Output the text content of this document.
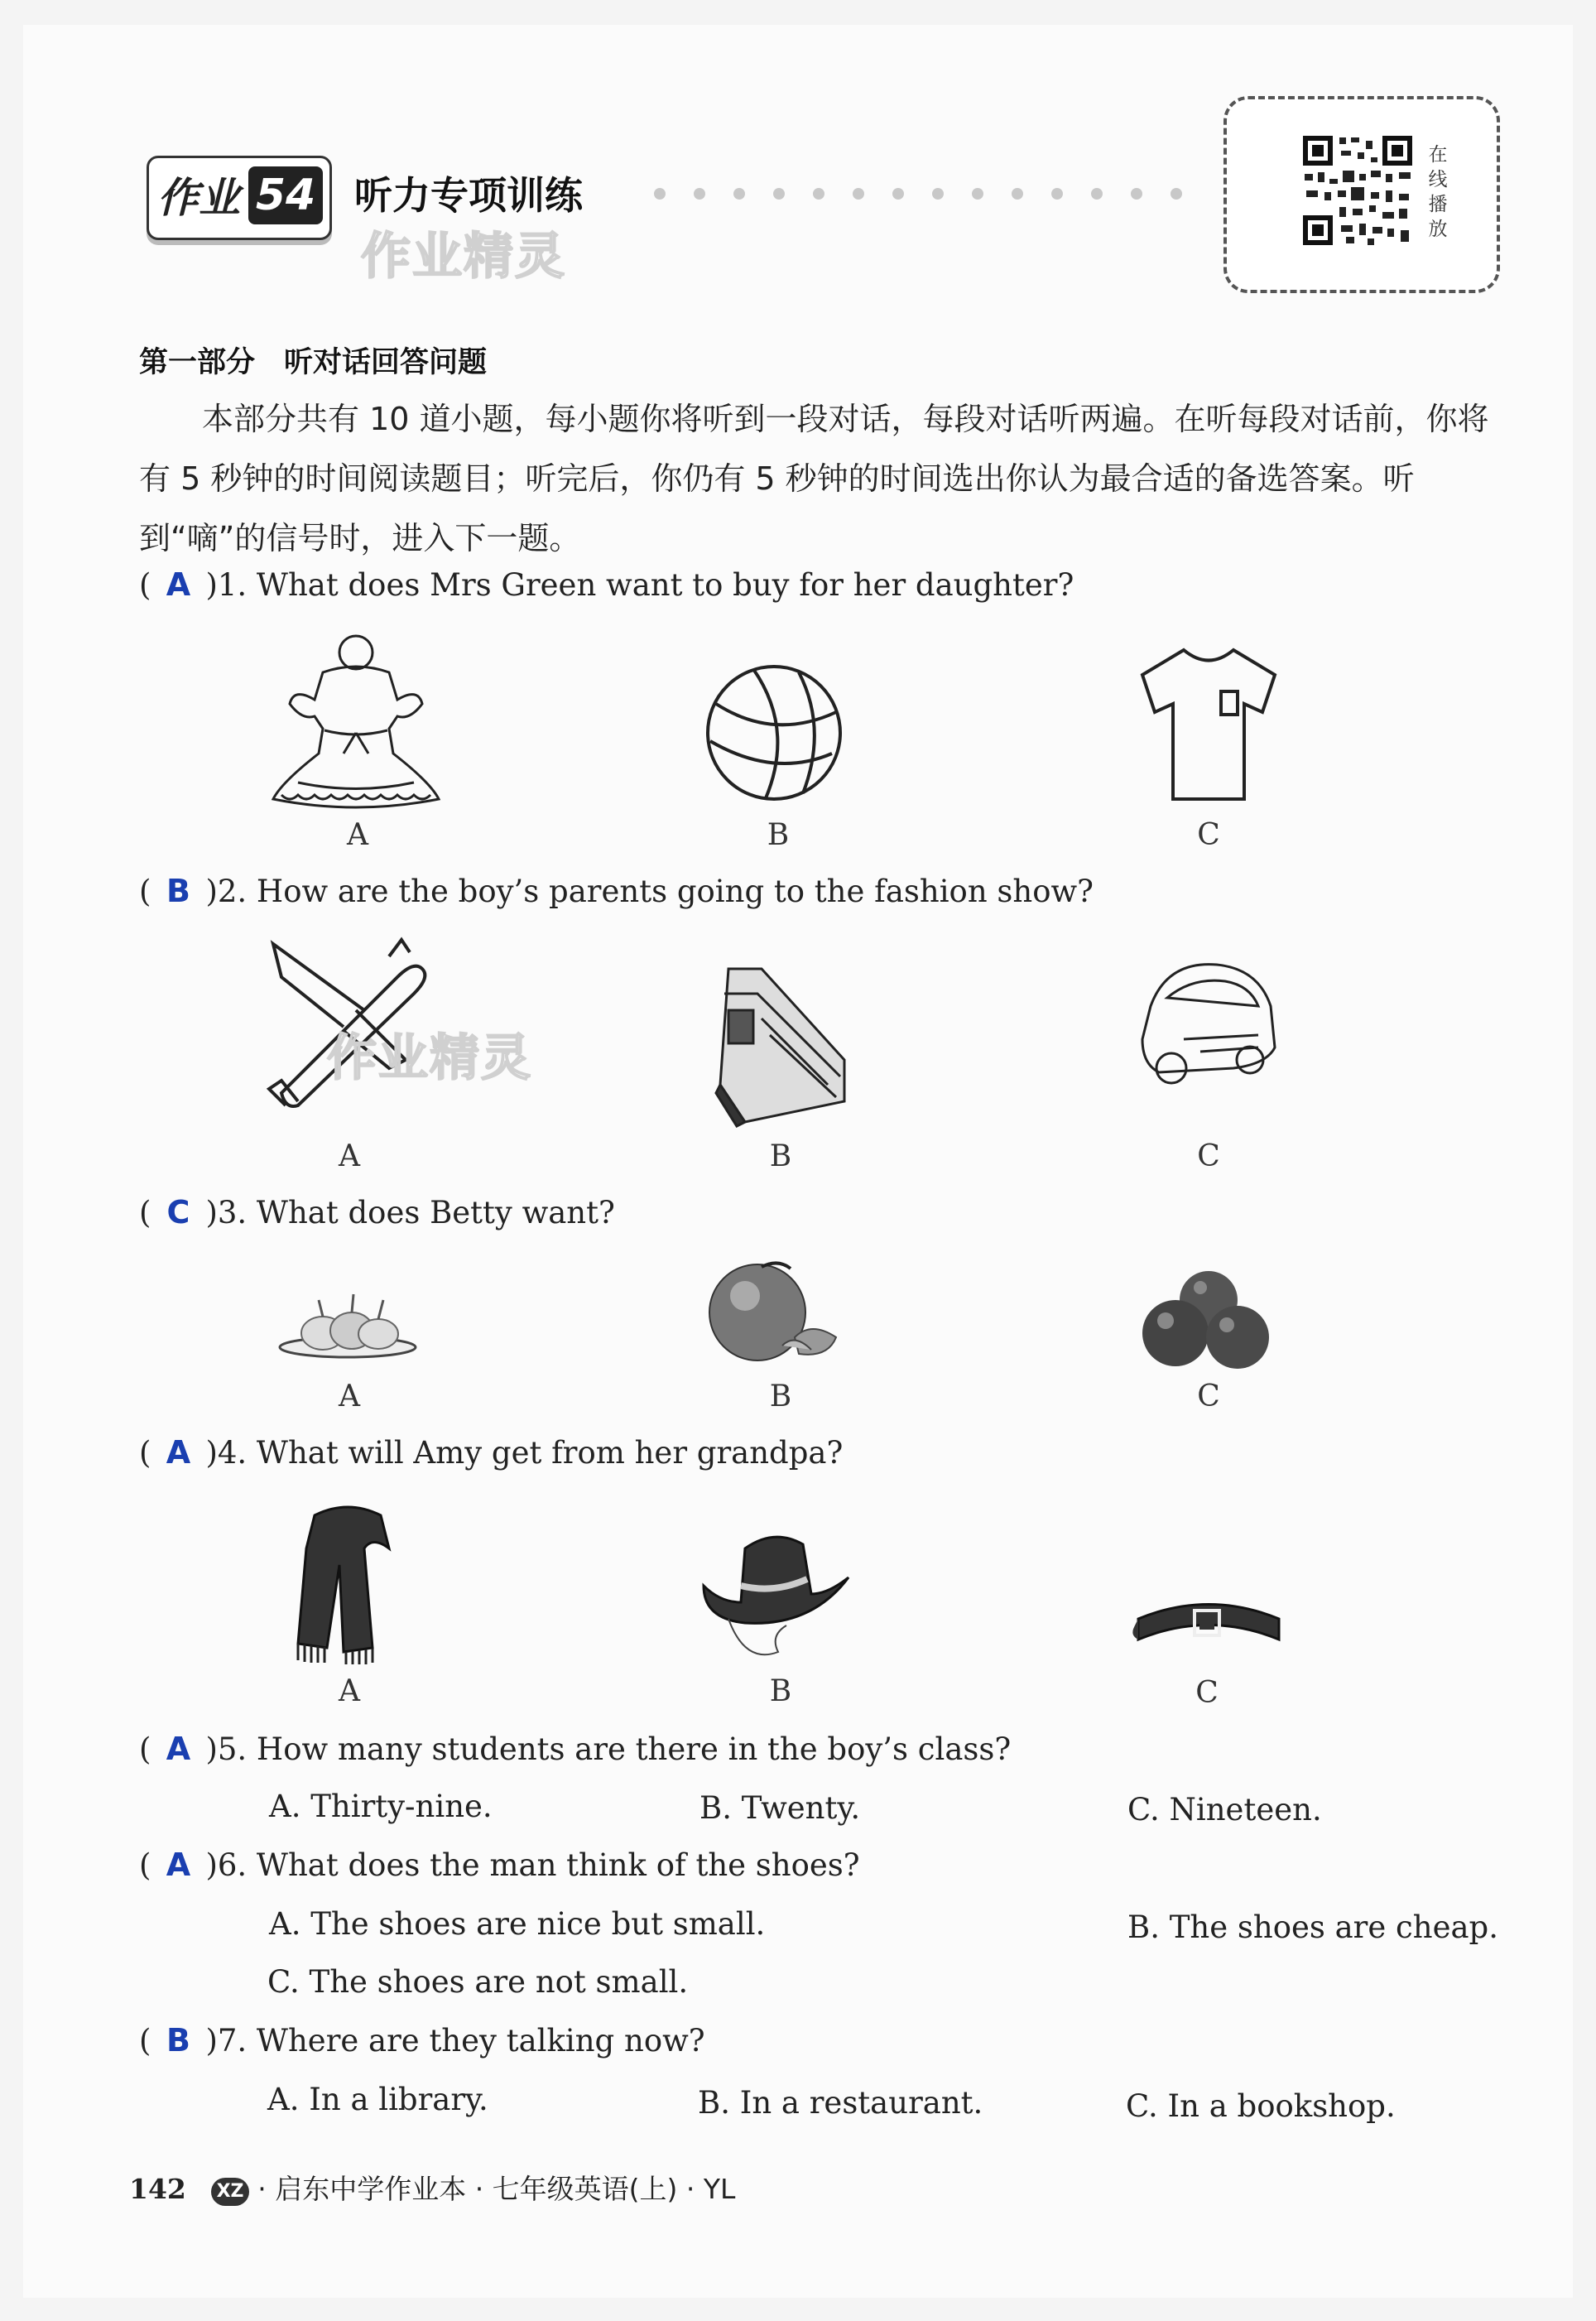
作业 54 听力专项训练
作业精灵
在
线
播
放
第一部分　听对话回答问题
本部分共有 10 道小题，每小题你将听到一段对话，每段对话听两遍。在听每段对话前，你将有 5 秒钟的时间阅读题目；听完后，你仍有 5 秒钟的时间选出你认为最合适的备选答案。听到“嘀”的信号时，进入下一题。
( A )1. What does Mrs Green want to buy for her daughter?
A	B	C
( B )2. How are the boy’s parents going to the fashion show?
作业精灵
A	B	C
( C )3. What does Betty want?
A	B	C
( A )4. What will Amy get from her grandpa?
A	B	C
( A )5. How many students are there in the boy’s class?
A. Thirty-nine.	B. Twenty.	C. Nineteen.
( A )6. What does the man think of the shoes?
A. The shoes are nice but small.	B. The shoes are cheap.
C. The shoes are not small.
( B )7. Where are they talking now?
A. In a library.	B. In a restaurant.	C. In a bookshop.
142 XZ · 启东中学作业本 · 七年级英语(上) · YL
